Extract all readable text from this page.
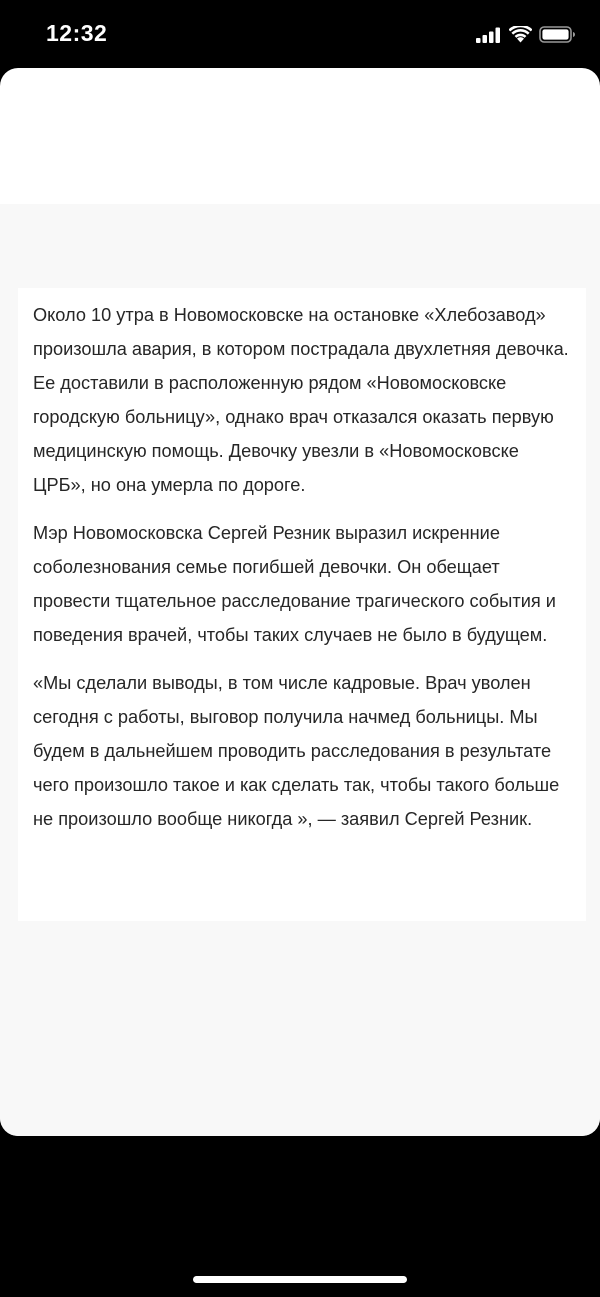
12:32

Около 10 утра в Новомосковске на остановке «Хлебозавод» произошла авария, в котором пострадала двухлетняя девочка. Ее доставили в расположенную рядом «Новомосковске городскую больницу», однако врач отказался оказать первую медицинскую помощь. Девочку увезли в «Новомосковске ЦРБ», но она умерла по дороге.

Мэр Новомосковска Сергей Резник выразил искренние соболезнования семье погибшей девочки. Он обещает провести тщательное расследование трагического события и поведения врачей, чтобы таких случаев не было в будущем.

«Мы сделали выводы, в том числе кадровые. Врач уволен сегодня с работы, выговор получила начмед больницы. Мы будем в дальнейшем проводить расследования в результате чего произошло такое и как сделать так, чтобы такого больше не произошло вообще никогда », — заявил Сергей Резник.
